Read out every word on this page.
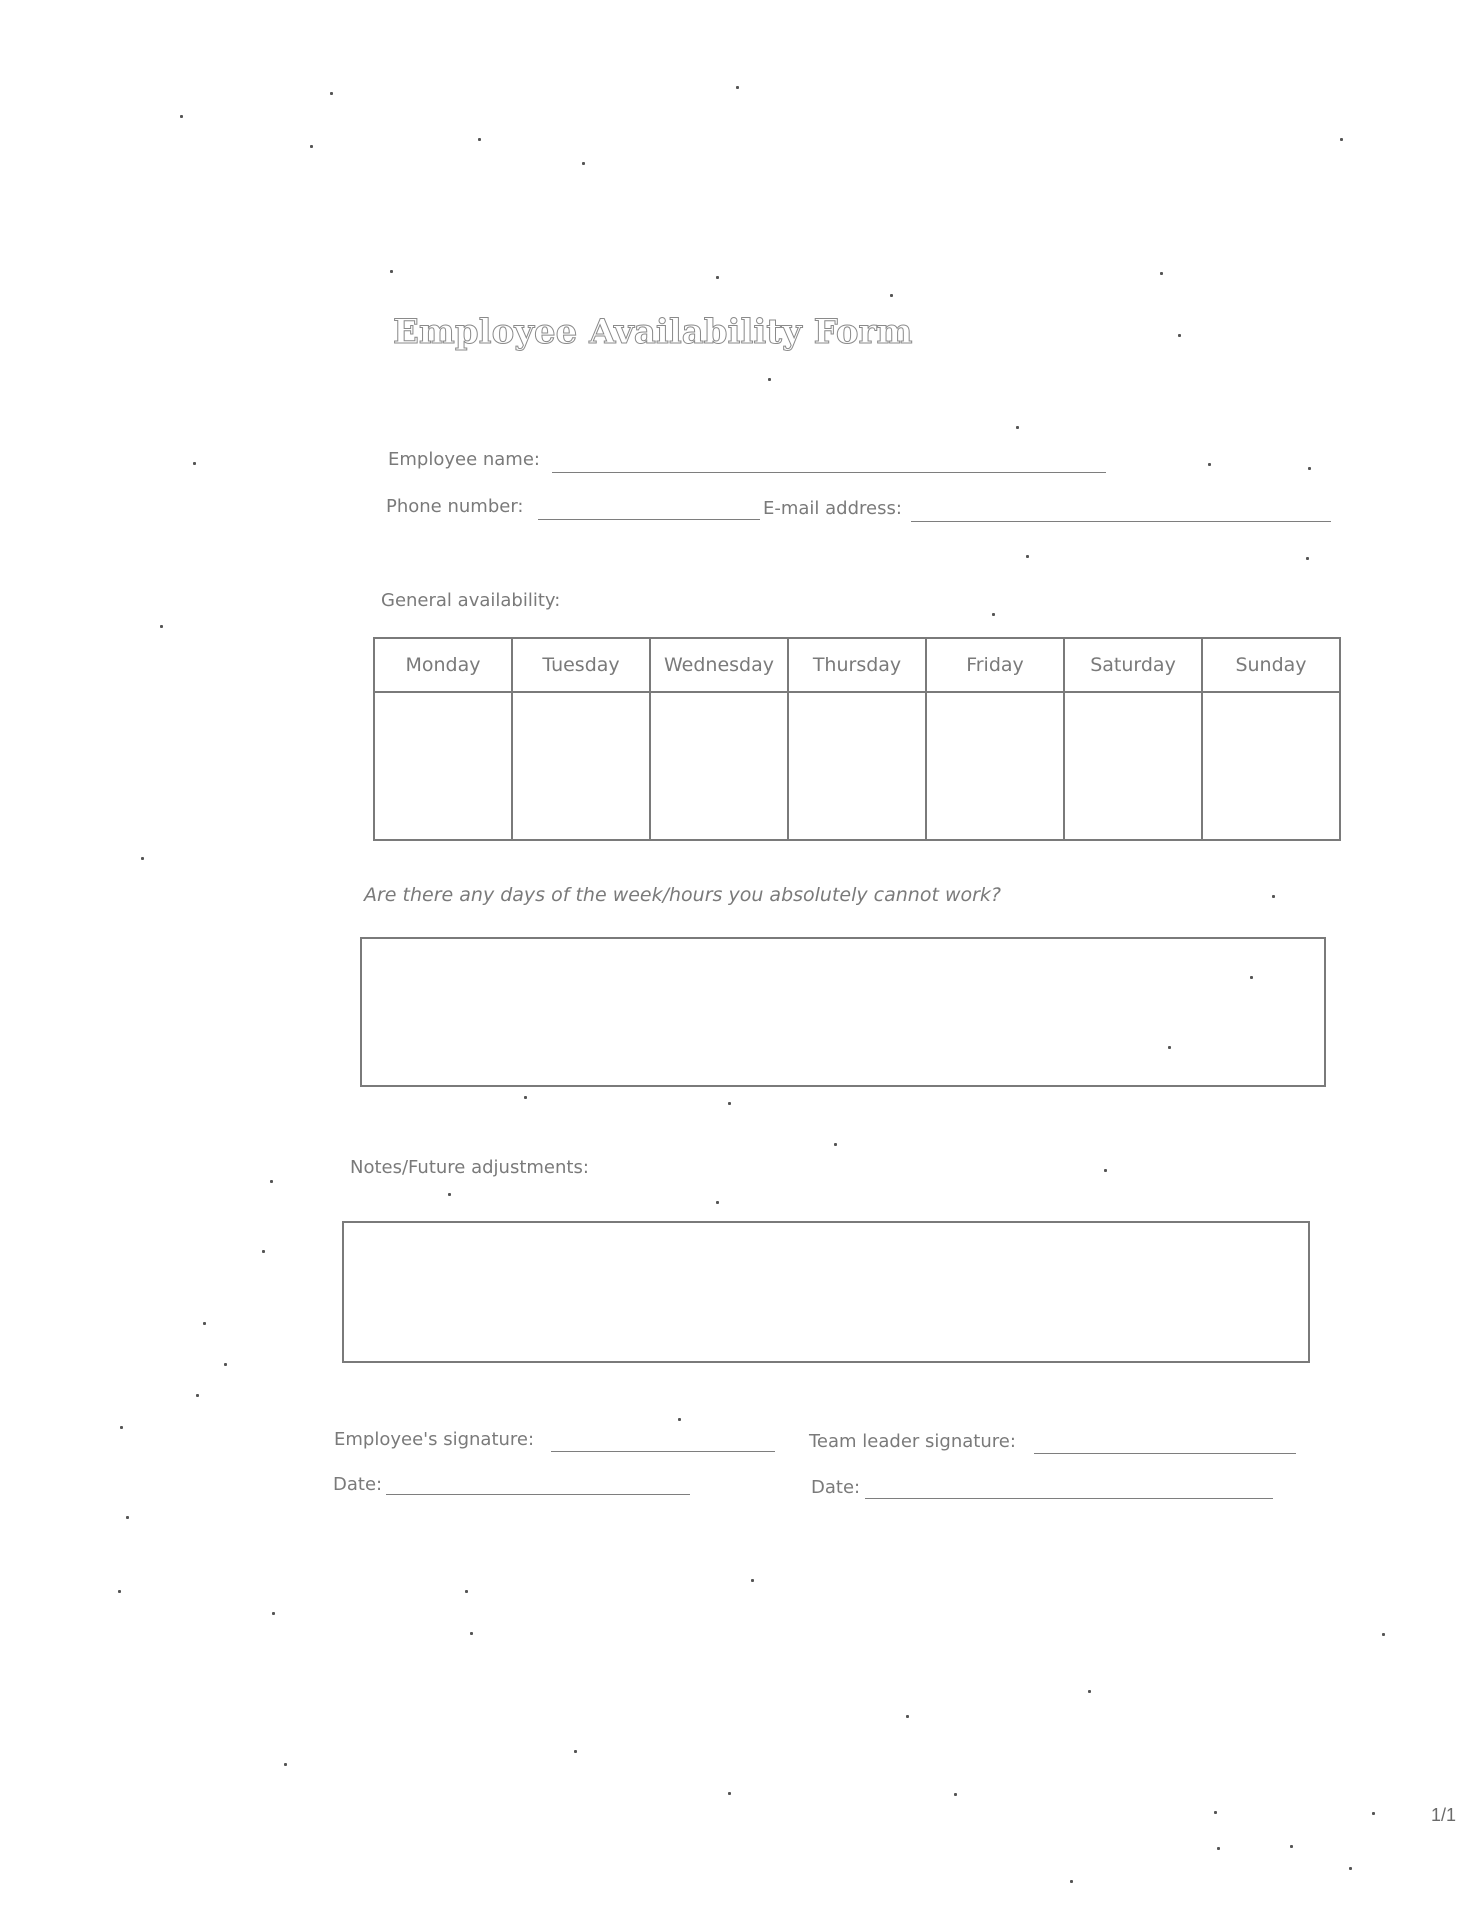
Employee Availability Form
Employee name:
Phone number:	E-mail address:
General availability:
Monday	Tuesday	Wednesday	Thursday	Friday	Saturday	Sunday

Are there any days of the week/hours you absolutely cannot work?
Notes/Future adjustments:
Employee's signature:	Team leader signature:
Date:	Date:
1/1
